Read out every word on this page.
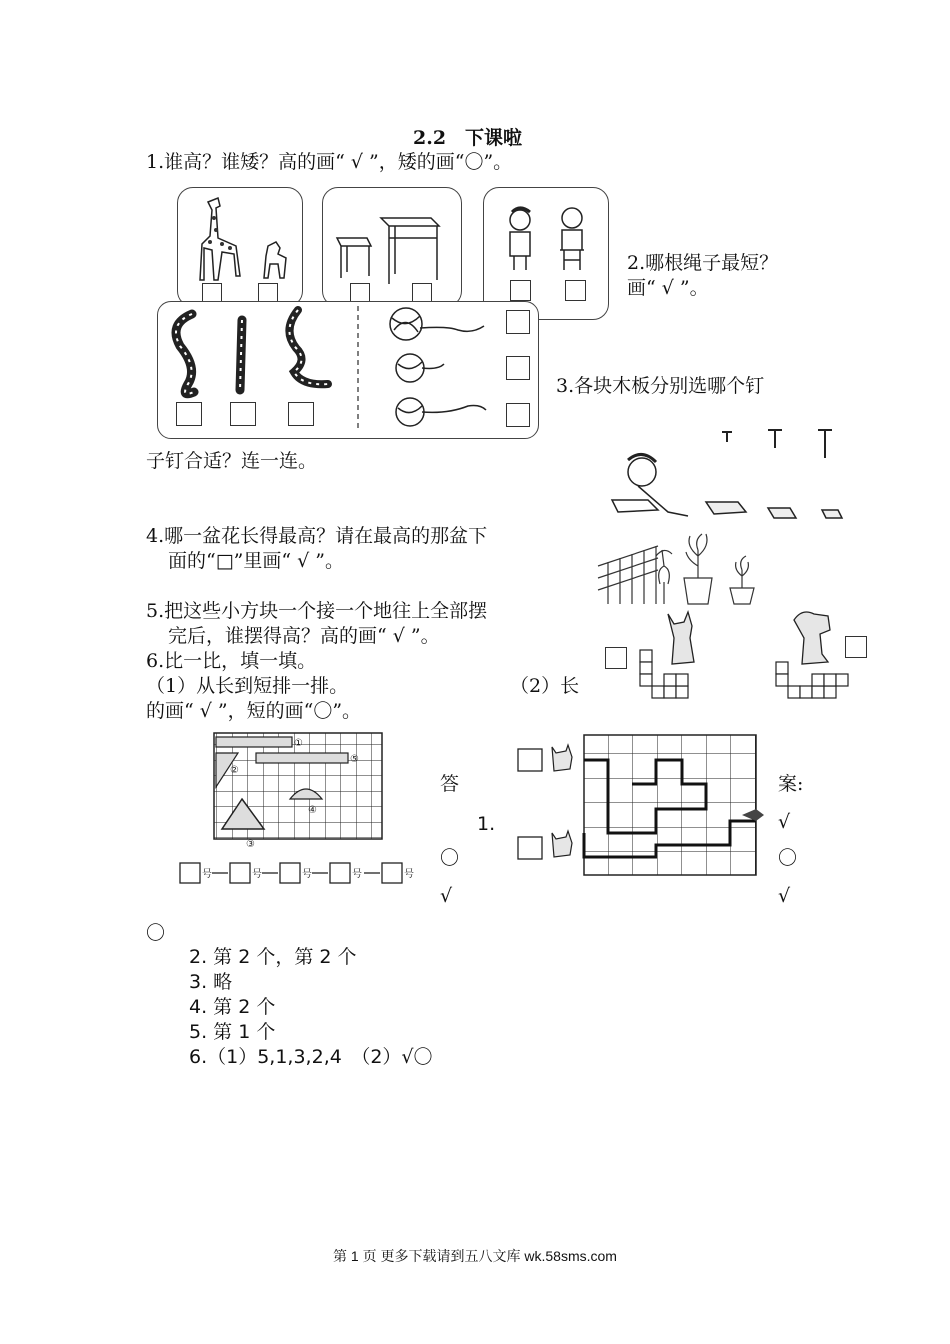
2.2　下课啦
1.谁高？谁矮？高的画“ √ ”，矮的画“〇”。
2.哪根绳子最短？
画“ √ ”。
3.各块木板分别选哪个钉
子钉合适？连一连。
4.哪一盆花长得最高？请在最高的那盆下
面的“□”里画“ √ ”。
5.把这些小方块一个接一个地往上全部摆
完后，谁摆得高？高的画“ √ ”。
6.比一比，填一填。
（1）从长到短排一排。	（2）长
的画“ √ ”，短的画“〇”。
①
②
③
④
⑤
号	号	号	号	号
答	案:
1.
〇
√
√
〇
√
〇
2. 第 2 个，第 2 个
3. 略
4. 第 2 个
5. 第 1 个
6.（1）5,1,3,2,4　（2）√〇
第 1 页 更多下载请到五八文库 wk.58sms.com
